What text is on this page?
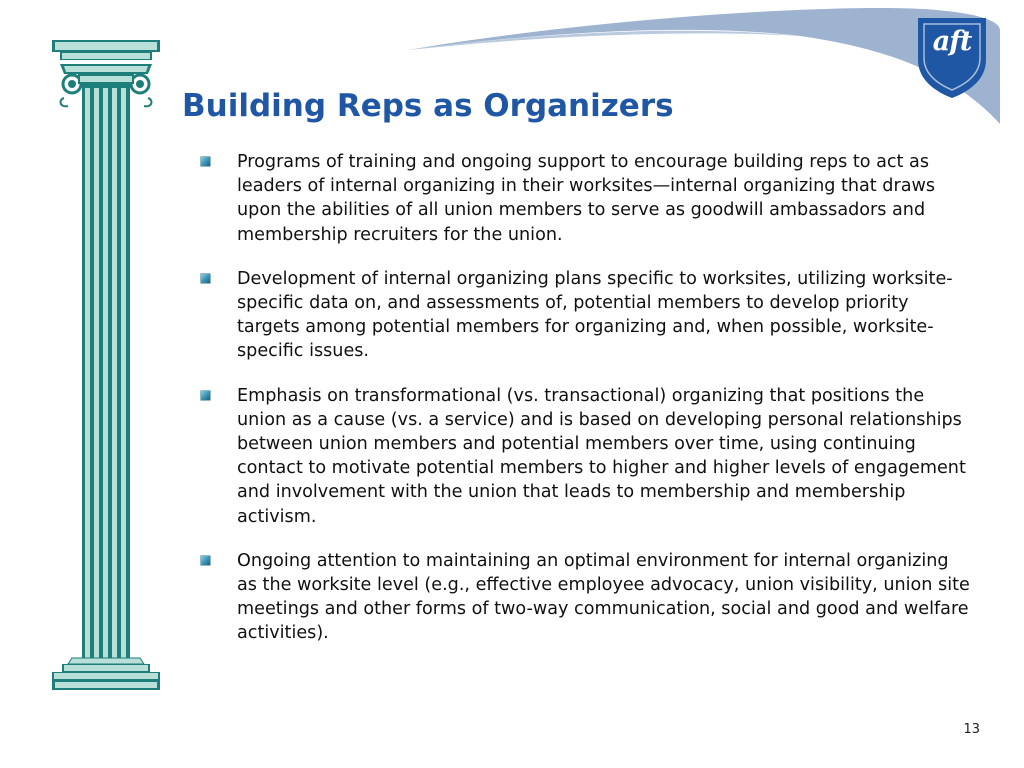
aft
Building Reps as Organizers
Programs of training and ongoing support to encourage building reps to act as leaders of internal organizing in their worksites—internal organizing that draws upon the abilities of all union members to serve as goodwill ambassadors and membership recruiters for the union.
Development of internal organizing plans specific to worksites, utilizing worksite-specific data on, and assessments of, potential members to develop priority targets among potential members for organizing and, when possible, worksite-specific issues.
Emphasis on transformational (vs. transactional) organizing that positions the union as a cause (vs. a service) and is based on developing personal relationships between union members and potential members over time, using continuing contact to motivate potential members to higher and higher levels of engagement and involvement with the union that leads to membership and membership activism.
Ongoing attention to maintaining an optimal environment for internal organizing as the worksite level (e.g., effective employee advocacy, union visibility, union site meetings and other forms of two-way communication, social and good and welfare activities).
13
